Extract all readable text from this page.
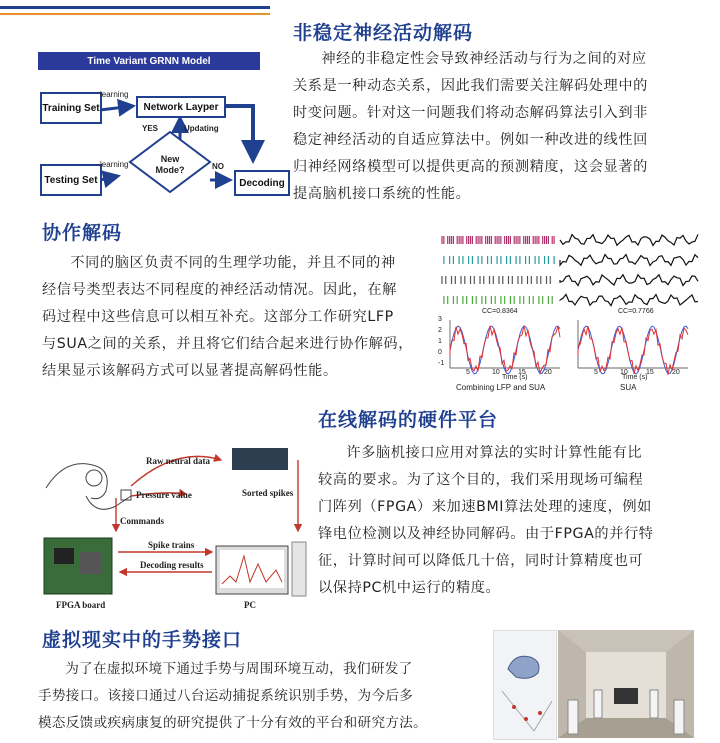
非稳定神经活动解码
神经的非稳定性会导致神经活动与行为之间的对应
关系是一种动态关系，因此我们需要关注解码处理中的
时变问题。针对这一问题我们将动态解码算法引入到非
稳定神经活动的自适应算法中。例如一种改进的线性回
归神经网络模型可以提供更高的预测精度，这会显著的
提高脑机接口系统的性能。
Time Variant GRNN Model
Training Set
Testing Set
Network Layper
Decoding
New Mode?
learning
learning
YES	Updating
NO
协作解码
不同的脑区负责不同的生理学功能，并且不同的神
经信号类型表达不同程度的神经活动情况。因此，在解
码过程中这些信息可以相互补充。这部分工作研究LFP
与SUA之间的关系，并且将它们结合起来进行协作解码，
结果显示该解码方式可以显著提高解码性能。
CC=0.8364	CC=0.7766
Time (s)	Time (s)
Combining LFP and SUA	SUA
5	10	15	20	5	10	15	20
3
2
1
0
-1
在线解码的硬件平台
许多脑机接口应用对算法的实时计算性能有比
较高的要求。为了这个目的，我们采用现场可编程
门阵列（FPGA）来加速BMI算法处理的速度，例如
锋电位检测以及神经协同解码。由于FPGA的并行特
征，计算时间可以降低几十倍，同时计算精度也可
以保持PC机中运行的精度。
Raw neural data
Pressure value	Sorted spikes
Commands
Spike trains
Decoding results
FPGA board	PC
虚拟现实中的手势接口
为了在虚拟环境下通过手势与周围环境互动，我们研发了
手势接口。该接口通过八台运动捕捉系统识别手势，为今后多
模态反馈或疾病康复的研究提供了十分有效的平台和研究方法。
